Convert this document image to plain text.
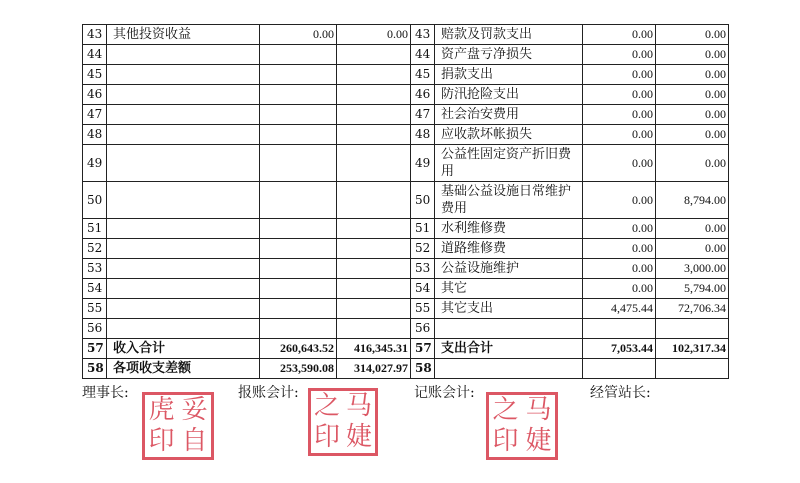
43	其他投资收益	0.00	0.00	43	赔款及罚款支出	0.00	0.00
44				44	资产盘亏净损失	0.00	0.00
45				45	捐款支出	0.00	0.00
46				46	防汛抢险支出	0.00	0.00
47				47	社会治安费用	0.00	0.00
48				48	应收款坏帐损失	0.00	0.00
49				49	公益性固定资产折旧费用	0.00	0.00
50				50	基础公益设施日常维护费用	0.00	8,794.00
51				51	水利维修费	0.00	0.00
52				52	道路维修费	0.00	0.00
53				53	公益设施维护	0.00	3,000.00
54				54	其它	0.00	5,794.00
55				55	其它支出	4,475.44	72,706.34
56				56			
57	收入合计	260,643.52	416,345.31	57	支出合计	7,053.44	102,317.34
58	各项收支差额	253,590.08	314,027.97	58			
理事长:	报账会计:	记账会计:	经管站长:
虎 妥
印 自
之 马
印 婕
之 马
印 婕
